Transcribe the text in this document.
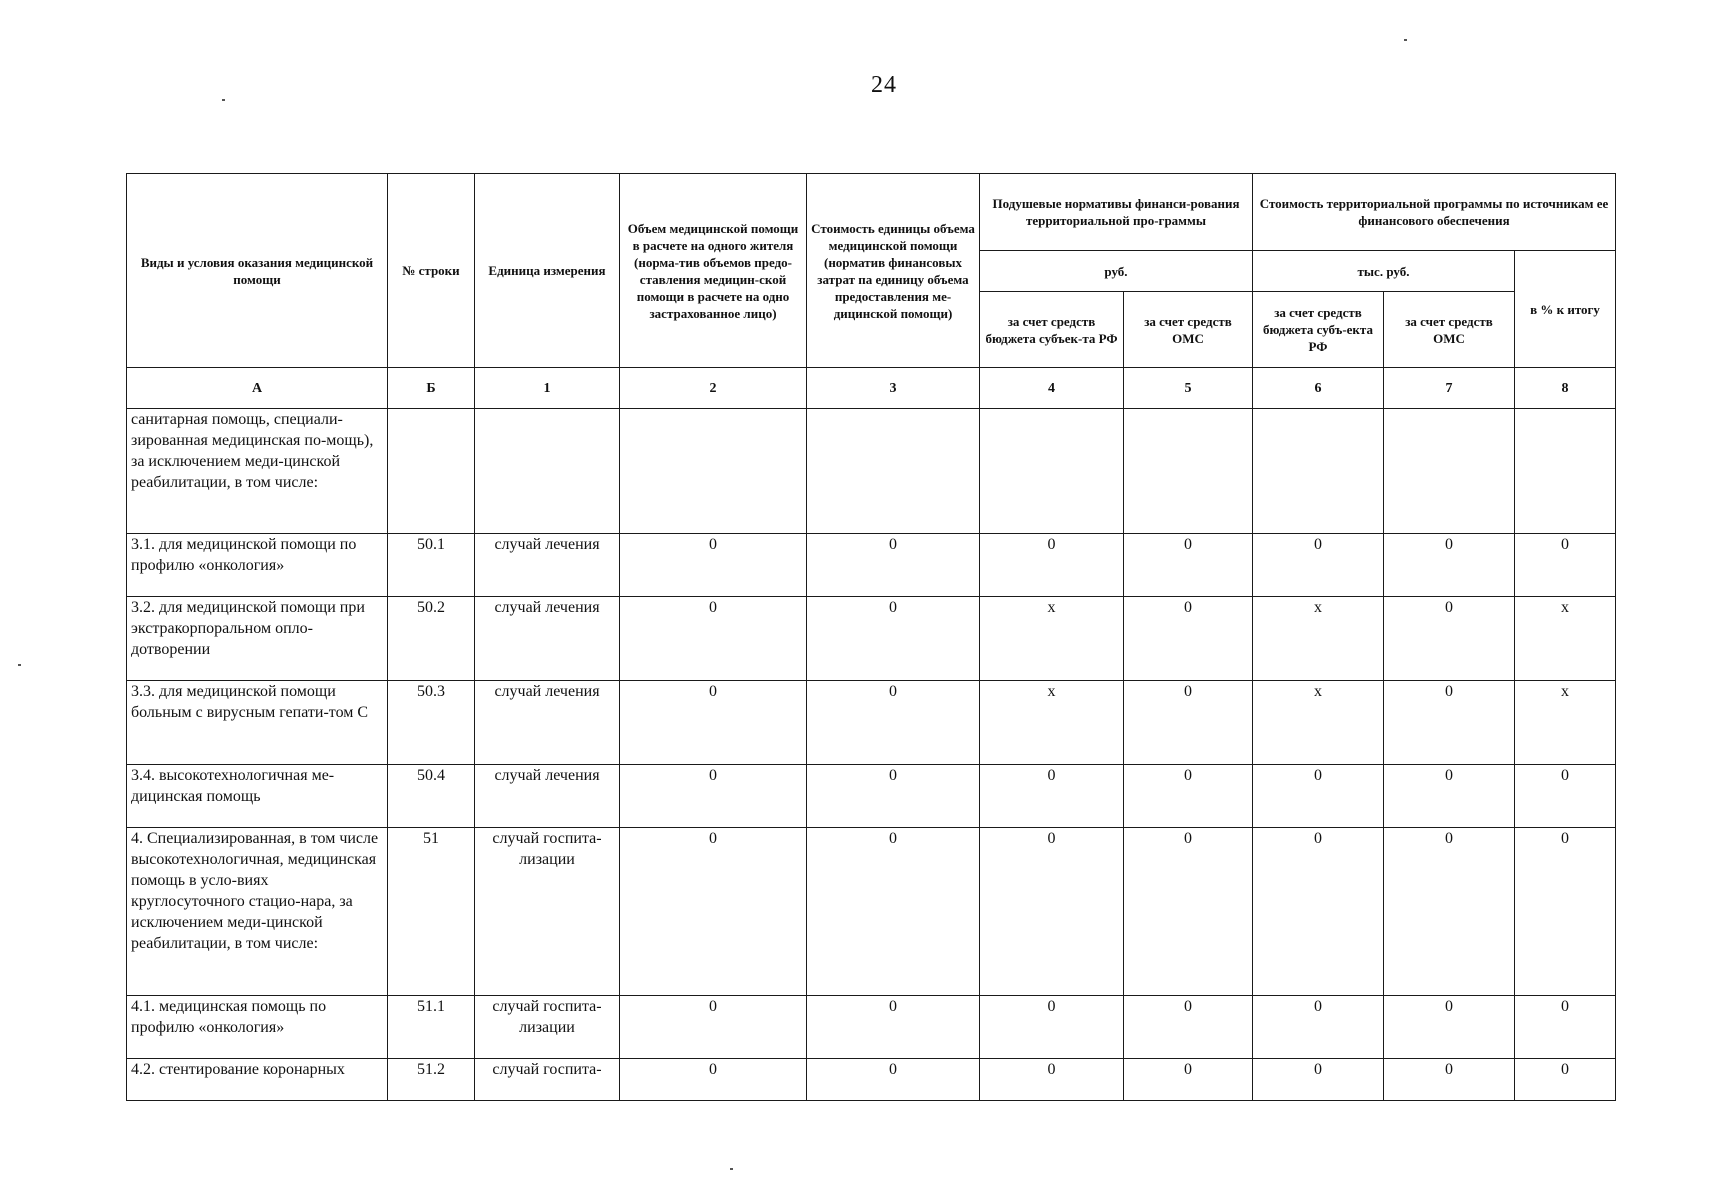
24
Виды и условия оказания медицинской помощи	№ строки	Единица измерения	Объем медицинской помощи в расчете на одного жителя (норма-тив объемов предо-ставления медицин-ской помощи в расчете на одно застрахованное лицо)	Стоимость единицы объема медицинской помощи (норматив финансовых затрат па единицу объема предоставления ме-дицинской помощи)	Подушевые нормативы финанси-рования территориальной про-граммы		Стоимость территориальной программы по источникам ее финансового обеспечения		
					руб.		тыс. руб.		в % к итогу
					за счет средств бюджета субъек-та РФ	за счет средств ОМС	за счет средств бюджета субъ-екта РФ	за счет средств ОМС	
А	Б	1	2	3	4	5	6	7	8
санитарная помощь, специали-зированная медицинская по-мощь), за исключением меди-цинской реабилитации, в том числе:									
3.1. для медицинской помощи по профилю «онкология»	50.1	случай лечения	0	0	0	0	0	0	0
3.2. для медицинской помощи при экстракорпоральном опло-дотворении	50.2	случай лечения	0	0	х	0	х	0	х
3.3. для медицинской помощи больным с вирусным гепати-том С	50.3	случай лечения	0	0	х	0	х	0	х
3.4. высокотехнологичная ме-дицинская помощь	50.4	случай лечения	0	0	0	0	0	0	0
4. Специализированная, в том числе высокотехнологичная, медицинская помощь в усло-виях круглосуточного стацио-нара, за исключением меди-цинской реабилитации, в том числе:	51	случай госпита-лизации	0	0	0	0	0	0	0
4.1. медицинская помощь по профилю «онкология»	51.1	случай госпита-лизации	0	0	0	0	0	0	0
4.2. стентирование коронарных	51.2	случай госпита-	0	0	0	0	0	0	0
